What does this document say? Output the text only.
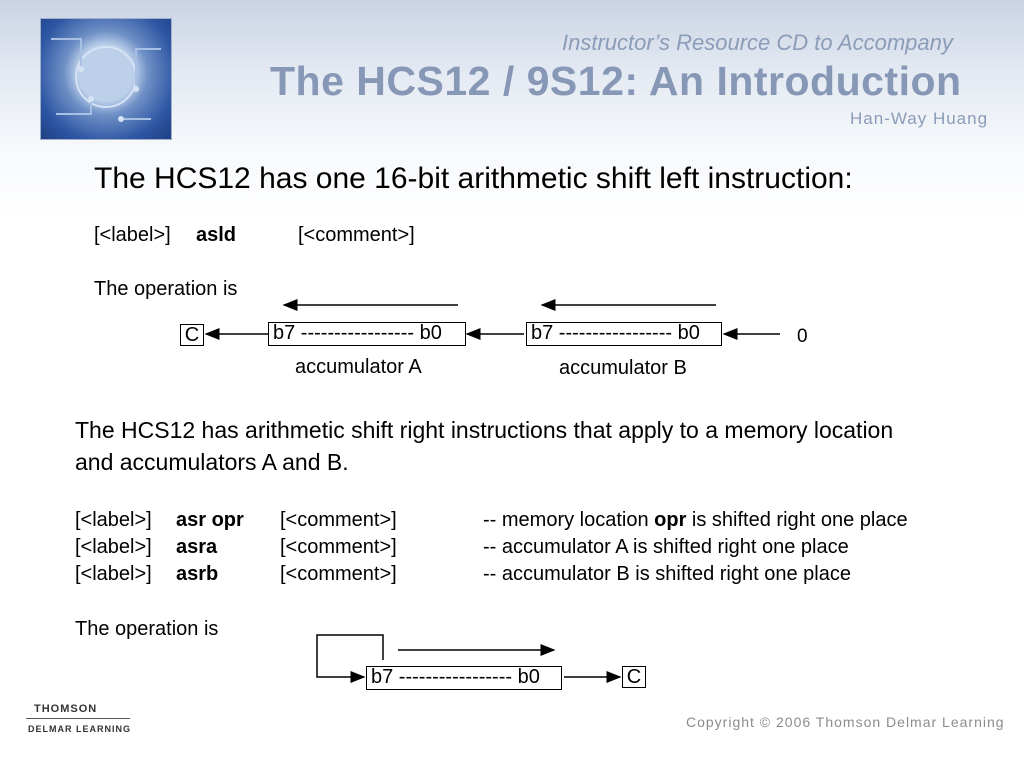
Instructor’s Resource CD to Accompany
The HCS12 / 9S12: An Introduction
Han-Way Huang
The HCS12 has one 16-bit arithmetic shift left instruction:
[<label>] asld	[<comment>]
The operation is
C	b7 ----------------- b0	b7 ----------------- b0	0
accumulator A	accumulator B
The HCS12 has arithmetic shift right instructions that apply to a memory location
and accumulators A and B.
[<label>] asr opr [<comment>]	-- memory location opr is shifted right one place
[<label>] asra	[<comment>]	-- accumulator A is shifted right one place
[<label>] asrb	[<comment>]	-- accumulator B is shifted right one place
The operation is
b7 ----------------- b0	C
THOMSON
DELMAR LEARNING	Copyright © 2006 Thomson Delmar Learning
